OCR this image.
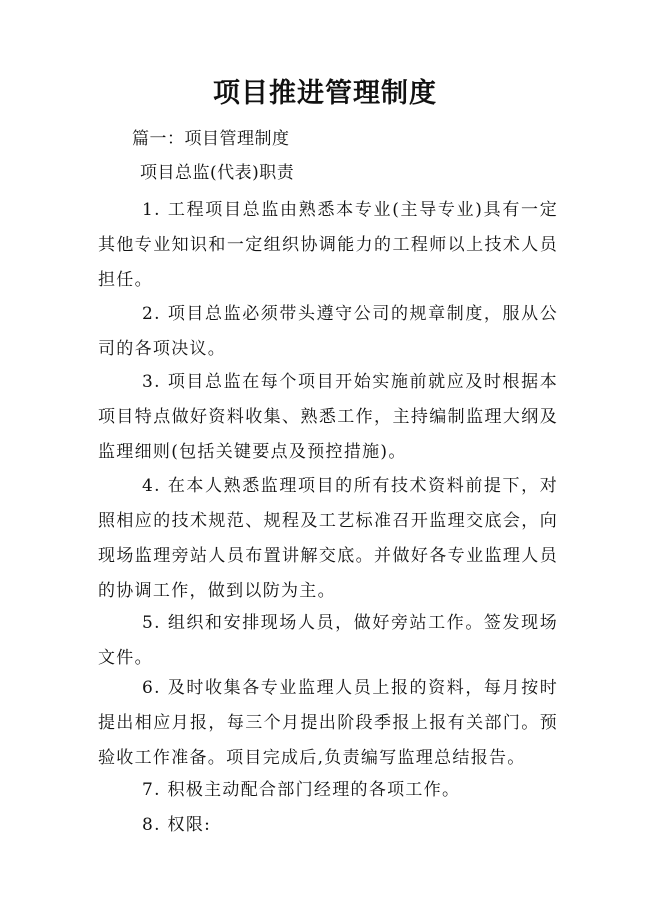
项目推进管理制度
篇一：项目管理制度
项目总监(代表)职责

1. 工程项目总监由熟悉本专业(主导专业)具有一定其他专业知识和一定组织协调能力的工程师以上技术人员担任。

2. 项目总监必须带头遵守公司的规章制度，服从公司的各项决议。

3. 项目总监在每个项目开始实施前就应及时根据本项目特点做好资料收集、熟悉工作，主持编制监理大纲及监理细则(包括关键要点及预控措施)。

4. 在本人熟悉监理项目的所有技术资料前提下，对照相应的技术规范、规程及工艺标准召开监理交底会，向现场监理旁站人员布置讲解交底。并做好各专业监理人员的协调工作，做到以防为主。

5. 组织和安排现场人员，做好旁站工作。签发现场文件。

6. 及时收集各专业监理人员上报的资料，每月按时提出相应月报，每三个月提出阶段季报上报有关部门。预验收工作准备。项目完成后,负责编写监理总结报告。

7. 积极主动配合部门经理的各项工作。

8. 权限:
